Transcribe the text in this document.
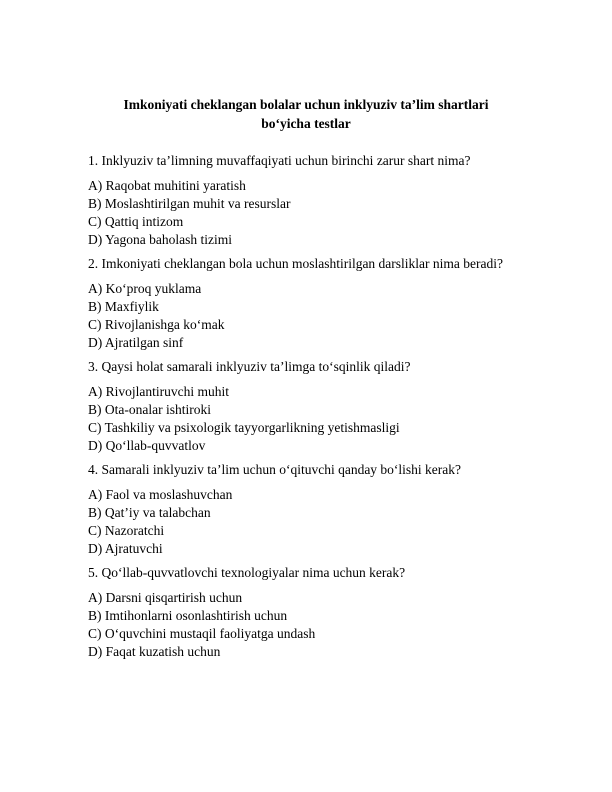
Imkoniyati cheklangan bolalar uchun inklyuziv ta’lim shartlari
bo‘yicha testlar
1. Inklyuziv ta’limning muvaffaqiyati uchun birinchi zarur shart nima?
A) Raqobat muhitini yaratish
B) Moslashtirilgan muhit va resurslar
C) Qattiq intizom
D) Yagona baholash tizimi
2. Imkoniyati cheklangan bola uchun moslashtirilgan darsliklar nima beradi?
A) Ko‘proq yuklama
B) Maxfiylik
C) Rivojlanishga ko‘mak
D) Ajratilgan sinf
3. Qaysi holat samarali inklyuziv ta’limga to‘sqinlik qiladi?
A) Rivojlantiruvchi muhit
B) Ota-onalar ishtiroki
C) Tashkiliy va psixologik tayyorgarlikning yetishmasligi
D) Qo‘llab-quvvatlov
4. Samarali inklyuziv ta’lim uchun o‘qituvchi qanday bo‘lishi kerak?
A) Faol va moslashuvchan
B) Qat’iy va talabchan
C) Nazoratchi
D) Ajratuvchi
5. Qo‘llab-quvvatlovchi texnologiyalar nima uchun kerak?
A) Darsni qisqartirish uchun
B) Imtihonlarni osonlashtirish uchun
C) O‘quvchini mustaqil faoliyatga undash
D) Faqat kuzatish uchun
